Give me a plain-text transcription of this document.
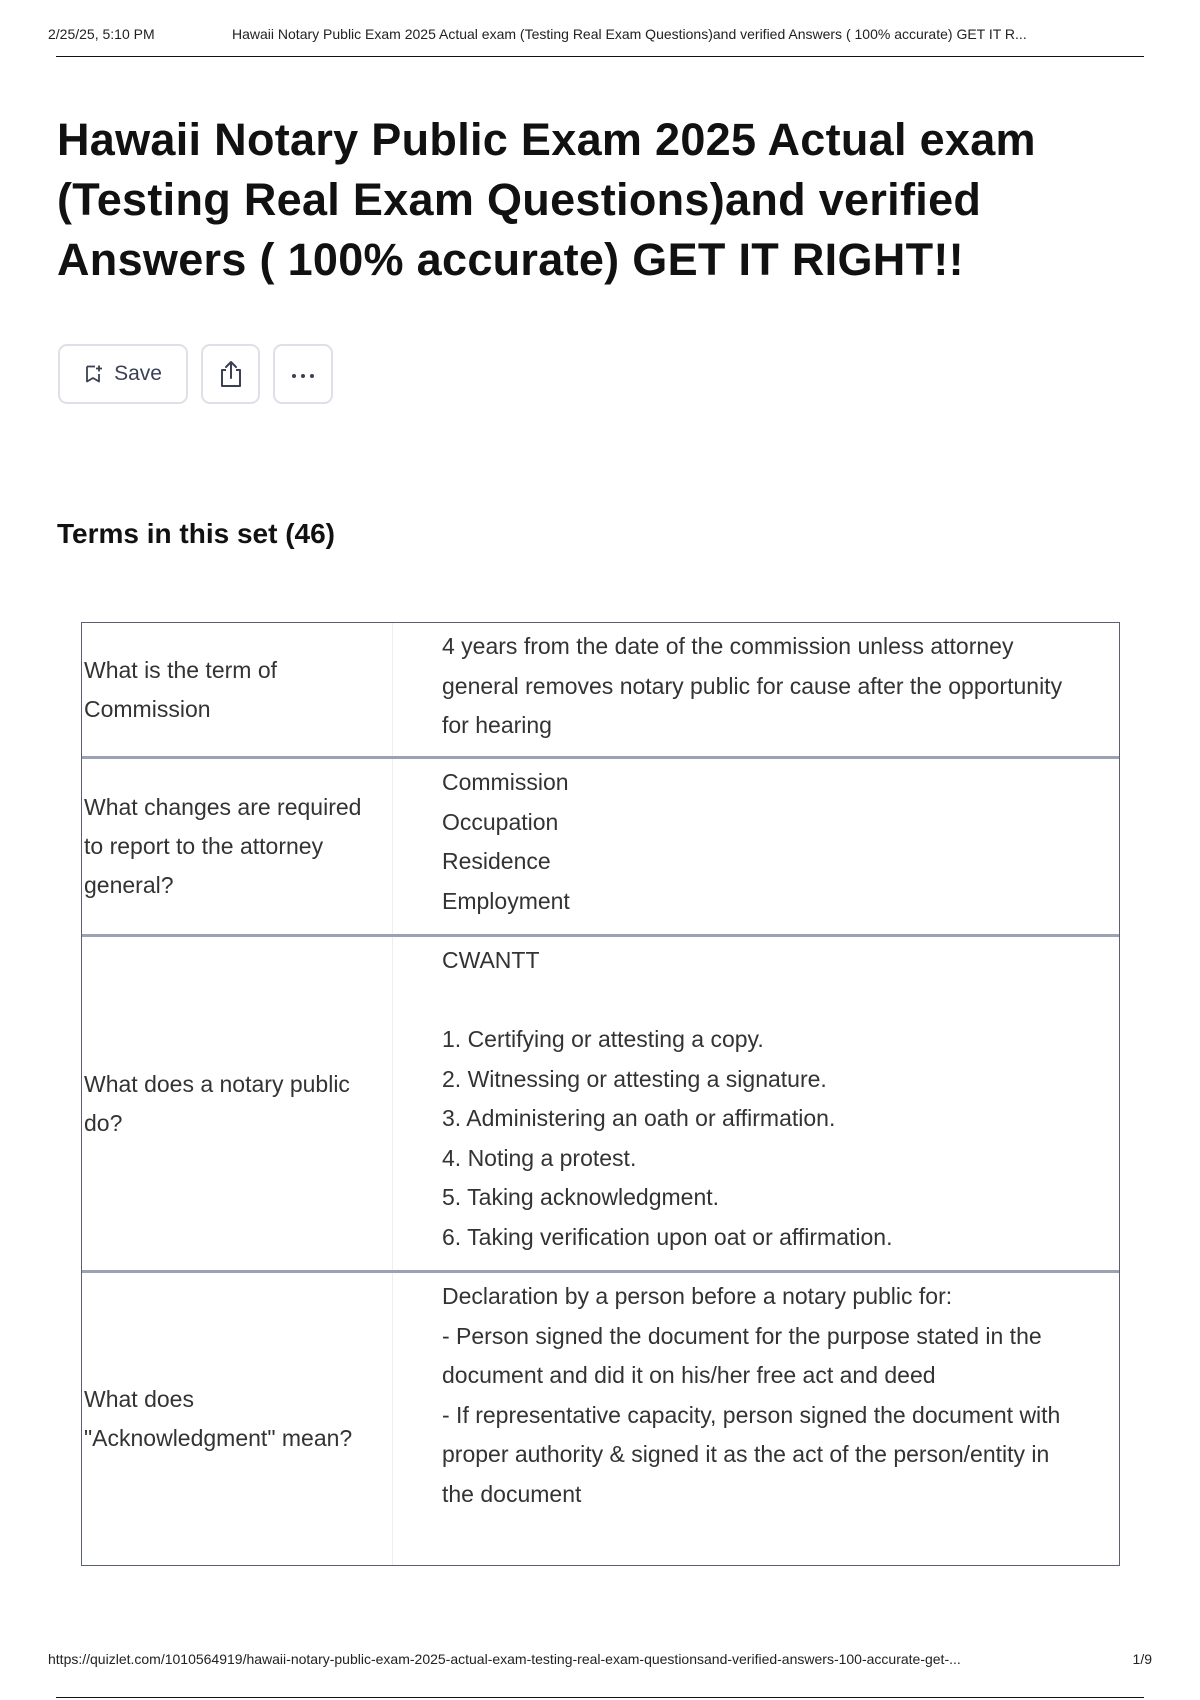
2/25/25, 5:10 PM	Hawaii Notary Public Exam 2025 Actual exam (Testing Real Exam Questions)and verified Answers ( 100% accurate) GET IT R...
Hawaii Notary Public Exam 2025 Actual exam (Testing Real Exam Questions)and verified Answers ( 100% accurate) GET IT RIGHT!!
Save
Terms in this set (46)
What is the term of Commission
4 years from the date of the commission unless attorney general removes notary public for cause after the opportunity for hearing
What changes are required to report to the attorney general?
Commission
Occupation
Residence
Employment
What does a notary public do?
CWANTT

1. Certifying or attesting a copy.
2. Witnessing or attesting a signature.
3. Administering an oath or affirmation.
4. Noting a protest.
5. Taking acknowledgment.
6. Taking verification upon oat or affirmation.
What does "Acknowledgment" mean?
Declaration by a person before a notary public for:
- Person signed the document for the purpose stated in the document and did it on his/her free act and deed
- If representative capacity, person signed the document with proper authority & signed it as the act of the person/entity in the document
https://quizlet.com/1010564919/hawaii-notary-public-exam-2025-actual-exam-testing-real-exam-questionsand-verified-answers-100-accurate-get-...	1/9
